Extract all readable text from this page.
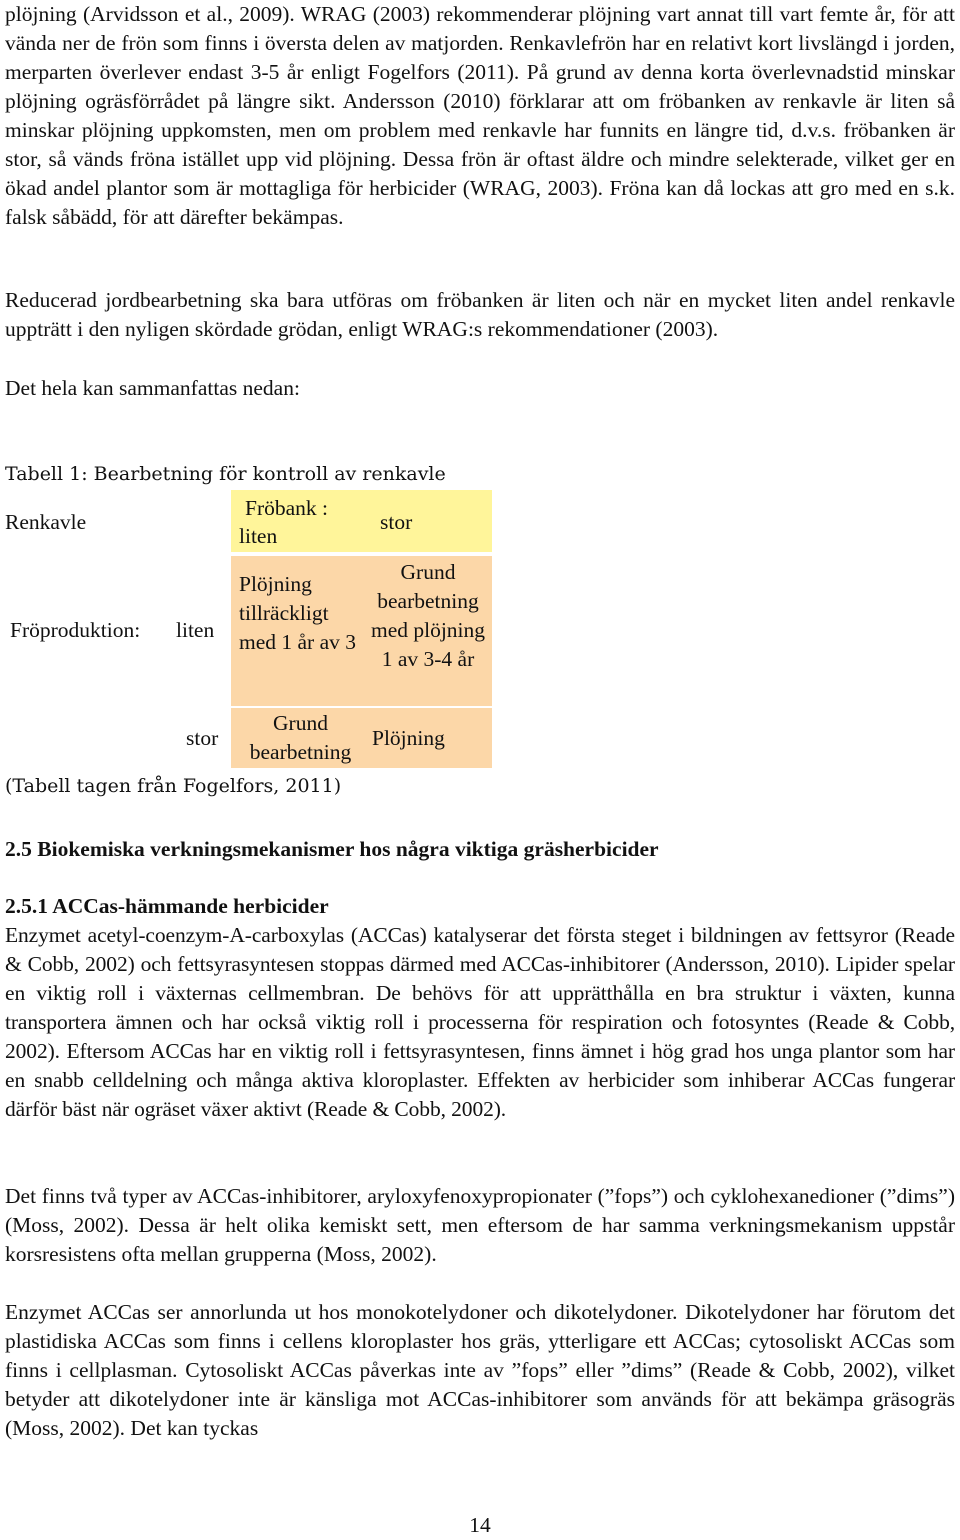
plöjning (Arvidsson et al., 2009). WRAG (2003) rekommenderar plöjning vart annat till vart femte år, för att vända ner de frön som finns i översta delen av matjorden. Renkavlefrön har en relativt kort livslängd i jorden, merparten överlever endast 3-5 år enligt Fogelfors (2011). På grund av denna korta överlevnadstid minskar plöjning ogräsförrådet på längre sikt. Andersson (2010) förklarar att om fröbanken av renkavle är liten så minskar plöjning uppkomsten, men om problem med renkavle har funnits en längre tid, d.v.s. fröbanken är stor, så vänds fröna istället upp vid plöjning. Dessa frön är oftast äldre och mindre selekterade, vilket ger en ökad andel plantor som är mottagliga för herbicider (WRAG, 2003). Fröna kan då lockas att gro med en s.k. falsk såbädd, för att därefter bekämpas.

Reducerad jordbearbetning ska bara utföras om fröbanken är liten och när en mycket liten andel renkavle uppträtt i den nyligen skördade grödan, enligt WRAG:s rekommendationer (2003).

Det hela kan sammanfattas nedan:

Tabell 1: Bearbetning för kontroll av renkavle
Renkavle
Fröbank :
liten
stor
Fröproduktion: liten
Plöjning tillräckligt med 1 år av 3
Grund bearbetning med plöjning 1 av 3-4 år
stor
Grund bearbetning
Plöjning
(Tabell tagen från Fogelfors, 2011)

2.5 Biokemiska verkningsmekanismer hos några viktiga gräsherbicider

2.5.1 ACCas-hämmande herbicider

Enzymet acetyl-coenzym-A-carboxylas (ACCas) katalyserar det första steget i bildningen av fettsyror (Reade & Cobb, 2002) och fettsyrasyntesen stoppas därmed med ACCas-inhibitorer (Andersson, 2010). Lipider spelar en viktig roll i växternas cellmembran. De behövs för att upprätthålla en bra struktur i växten, kunna transportera ämnen och har också viktig roll i processerna för respiration och fotosyntes (Reade & Cobb, 2002). Eftersom ACCas har en viktig roll i fettsyrasyntesen, finns ämnet i hög grad hos unga plantor som har en snabb celldelning och många aktiva kloroplaster. Effekten av herbicider som inhiberar ACCas fungerar därför bäst när ogräset växer aktivt (Reade & Cobb, 2002).

Det finns två typer av ACCas-inhibitorer, aryloxyfenoxypropionater (”fops”) och cyklohexanedioner (”dims”) (Moss, 2002). Dessa är helt olika kemiskt sett, men eftersom de har samma verkningsmekanism uppstår korsresistens ofta mellan grupperna (Moss, 2002).

Enzymet ACCas ser annorlunda ut hos monokotelydoner och dikotelydoner. Dikotelydoner har förutom det plastidiska ACCas som finns i cellens kloroplaster hos gräs, ytterligare ett ACCas; cytosoliskt ACCas som finns i cellplasman. Cytosoliskt ACCas påverkas inte av ”fops” eller ”dims” (Reade & Cobb, 2002), vilket betyder att dikotelydoner inte är känsliga mot ACCas-inhibitorer som används för att bekämpa gräsogräs (Moss, 2002). Det kan tyckas

14
